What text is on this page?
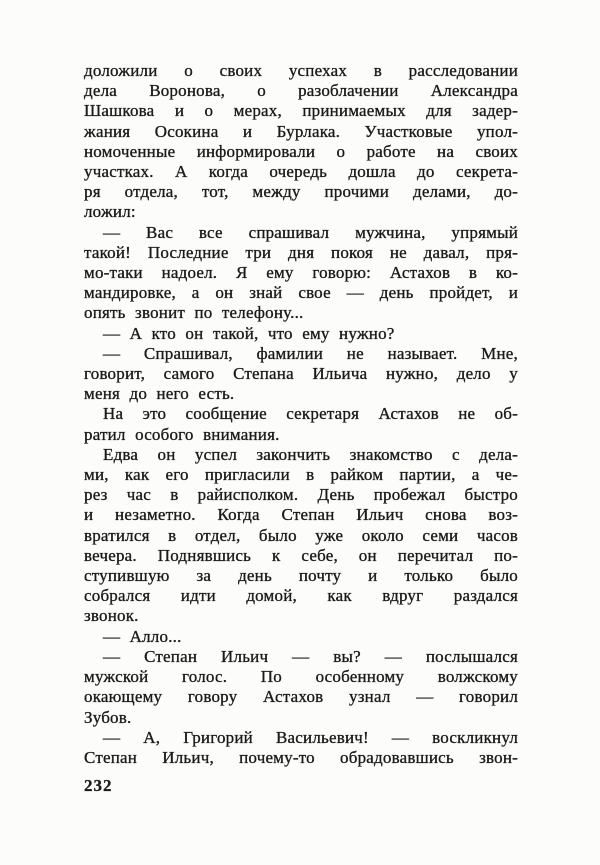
доложили о своих успехах в расследовании
дела Воронова, о разоблачении Александра
Шашкова и о мерах, принимаемых для задер-
жания Осокина и Бурлака. Участковые упол-
номоченные информировали о работе на своих
участках. А когда очередь дошла до секрета-
ря отдела, тот, между прочими делами, до-
ложил:
— Вас все спрашивал мужчина, упрямый
такой! Последние три дня покоя не давал, пря-
мо-таки надоел. Я ему говорю: Астахов в ко-
мандировке, а он знай свое — день пройдет, и
опять звонит по телефону...
— А кто он такой, что ему нужно?
— Спрашивал, фамилии не называет. Мне,
говорит, самого Степана Ильича нужно, дело у
меня до него есть.
На это сообщение секретаря Астахов не об-
ратил особого внимания.
Едва он успел закончить знакомство с дела-
ми, как его пригласили в райком партии, а че-
рез час в райисполком. День пробежал быстро
и незаметно. Когда Степан Ильич снова воз-
вратился в отдел, было уже около семи часов
вечера. Поднявшись к себе, он перечитал по-
ступившую за день почту и только было
собрался идти домой, как вдруг раздался
звонок.
— Алло...
— Степан Ильич — вы? — послышался
мужской голос. По особенному волжскому
окающему говору Астахов узнал — говорил
Зубов.
— А, Григорий Васильевич! — воскликнул
Степан Ильич, почему-то обрадовавшись звон-
232
